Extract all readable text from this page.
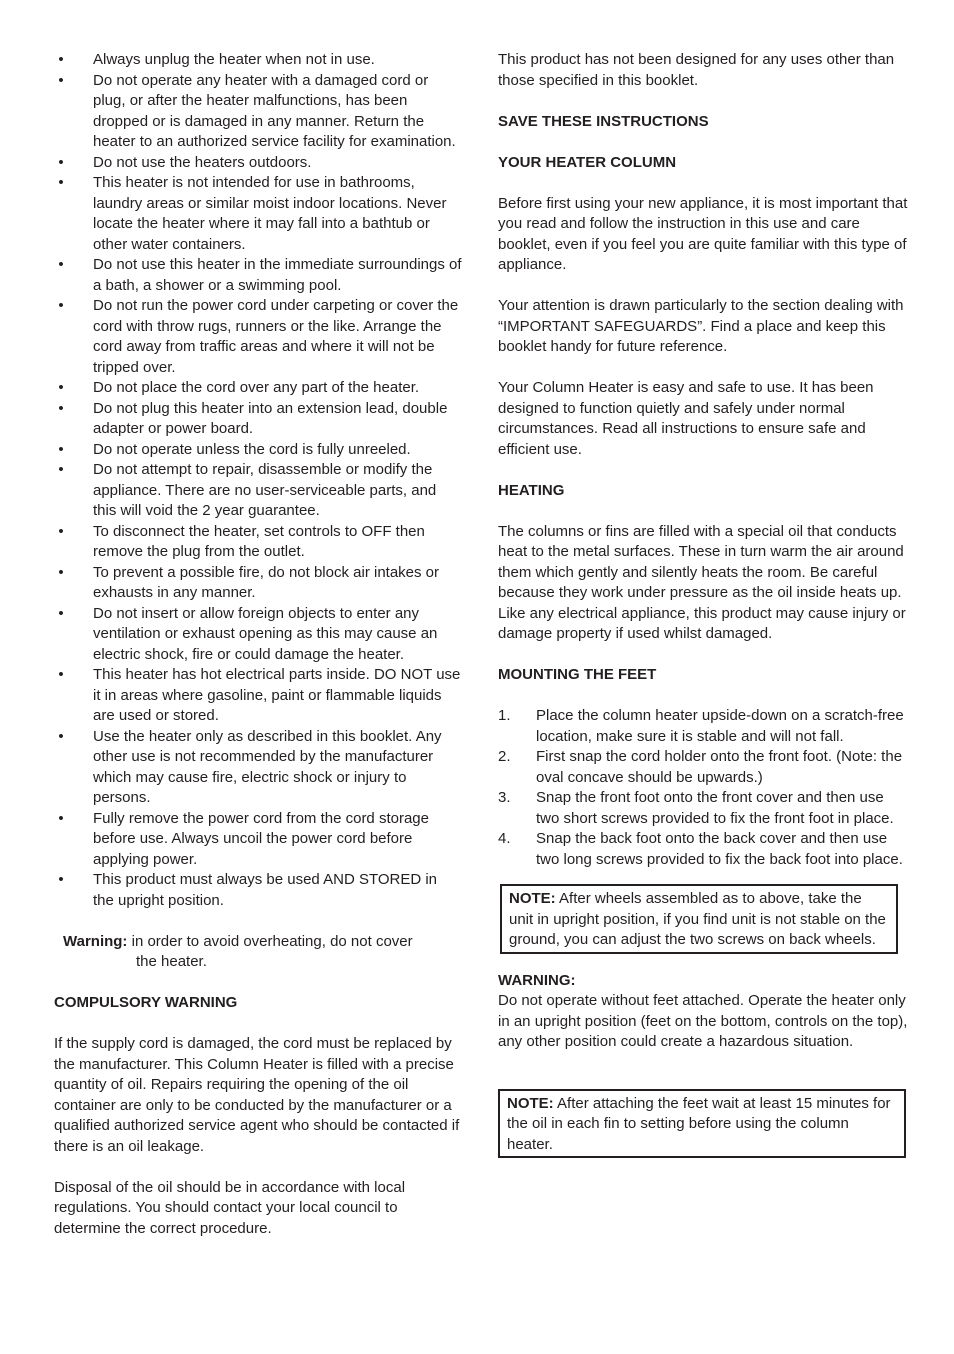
• Always unplug the heater when not in use.
• Do not operate any heater with a damaged cord or plug, or after the heater malfunctions, has been dropped or is damaged in any manner. Return the heater to an authorized service facility for examination.
• Do not use the heaters outdoors.
• This heater is not intended for use in bathrooms, laundry areas or similar moist indoor locations. Never locate the heater where it may fall into a bathtub or other water containers.
• Do not use this heater in the immediate surroundings of a bath, a shower or a swimming pool.
• Do not run the power cord under carpeting or cover the cord with throw rugs, runners or the like. Arrange the cord away from traffic areas and where it will not be tripped over.
• Do not place the cord over any part of the heater.
• Do not plug this heater into an extension lead, double adapter or power board.
• Do not operate unless the cord is fully unreeled.
• Do not attempt to repair, disassemble or modify the appliance. There are no user-serviceable parts, and this will void the 2 year guarantee.
• To disconnect the heater, set controls to OFF then remove the plug from the outlet.
• To prevent a possible fire, do not block air intakes or exhausts in any manner.
• Do not insert or allow foreign objects to enter any ventilation or exhaust opening as this may cause an electric shock, fire or could damage the heater.
• This heater has hot electrical parts inside. DO NOT use it in areas where gasoline, paint or flammable liquids are used or stored.
• Use the heater only as described in this booklet. Any other use is not recommended by the manufacturer which may cause fire, electric shock or injury to persons.
• Fully remove the power cord from the cord storage before use. Always uncoil the power cord before applying power.
• This product must always be used AND STORED in the upright position.
Warning: in order to avoid overheating, do not cover
the heater.

COMPULSORY WARNING

If the supply cord is damaged, the cord must be replaced by the manufacturer. This Column Heater is filled with a precise quantity of oil. Repairs requiring the opening of the oil container are only to be conducted by the manufacturer or a qualified authorized service agent who should be contacted if there is an oil leakage.

Disposal of the oil should be in accordance with local regulations. You should contact your local council to determine the correct procedure.

This product has not been designed for any uses other than those specified in this booklet.

SAVE THESE INSTRUCTIONS

YOUR HEATER COLUMN

Before first using your new appliance, it is most important that you read and follow the instruction in this use and care booklet, even if you feel you are quite familiar with this type of appliance.

Your attention is drawn particularly to the section dealing with “IMPORTANT SAFEGUARDS”. Find a place and keep this booklet handy for future reference.

Your Column Heater is easy and safe to use. It has been designed to function quietly and safely under normal circumstances. Read all instructions to ensure safe and efficient use.

HEATING

The columns or fins are filled with a special oil that conducts heat to the metal surfaces. These in turn warm the air around them which gently and silently heats the room. Be careful because they work under pressure as the oil inside heats up. Like any electrical appliance, this product may cause injury or damage property if used whilst damaged.

MOUNTING THE FEET

1. Place the column heater upside-down on a scratch-free location, make sure it is stable and will not fall.
2. First snap the cord holder onto the front foot. (Note: the oval concave should be upwards.)
3. Snap the front foot onto the front cover and then use two short screws provided to fix the front foot in place.
4. Snap the back foot onto the back cover and then use two long screws provided to fix the back foot into place.
NOTE: After wheels assembled as to above, take the unit in upright position, if you find unit is not stable on the ground, you can adjust the two screws on back wheels.

WARNING:

Do not operate without feet attached. Operate the heater only in an upright position (feet on the bottom, controls on the top), any other position could create a hazardous situation.

NOTE: After attaching the feet wait at least 15 minutes for the oil in each fin to setting before using the column heater.
